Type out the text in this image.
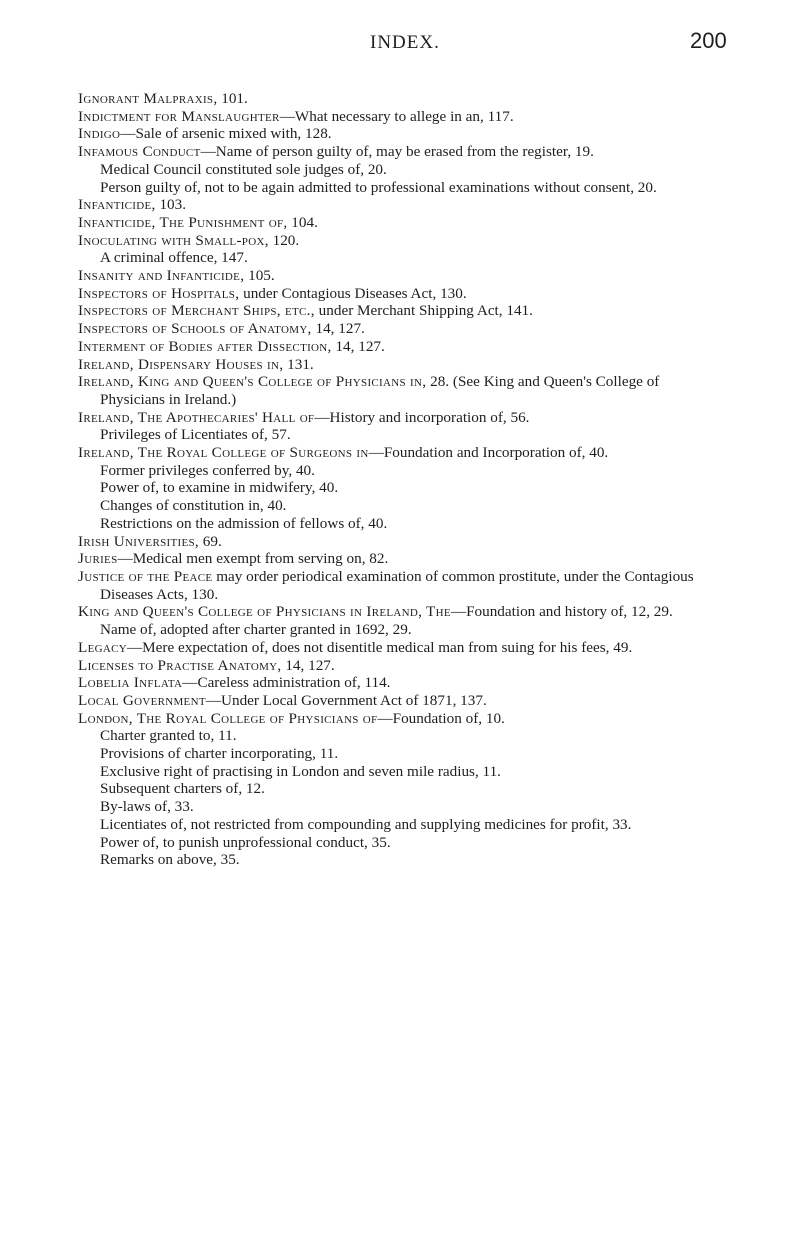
INDEX.	200

Ignorant Malpraxis, 101.

Indictment for Manslaughter—What necessary to allege in an, 117.

Indigo—Sale of arsenic mixed with, 128.

Infamous Conduct—Name of person guilty of, may be erased from the register, 19.

Medical Council constituted sole judges of, 20.

Person guilty of, not to be again admitted to professional examinations without consent, 20.

Infanticide, 103.

Infanticide, The Punishment of, 104.

Inoculating with Small-pox, 120.

A criminal offence, 147.

Insanity and Infanticide, 105.

Inspectors of Hospitals, under Contagious Diseases Act, 130.

Inspectors of Merchant Ships, etc., under Merchant Shipping Act, 141.

Inspectors of Schools of Anatomy, 14, 127.

Interment of Bodies after Dissection, 14, 127.

Ireland, Dispensary Houses in, 131.

Ireland, King and Queen's College of Physicians in, 28. (See King and Queen's College of Physicians in Ireland.)

Ireland, The Apothecaries' Hall of—History and incorporation of, 56.

Privileges of Licentiates of, 57.

Ireland, The Royal College of Surgeons in—Foundation and Incorporation of, 40.

Former privileges conferred by, 40.

Power of, to examine in midwifery, 40.

Changes of constitution in, 40.

Restrictions on the admission of fellows of, 40.

Irish Universities, 69.

Juries—Medical men exempt from serving on, 82.

Justice of the Peace may order periodical examination of common prostitute, under the Contagious Diseases Acts, 130.

King and Queen's College of Physicians in Ireland, The—Foundation and history of, 12, 29.

Name of, adopted after charter granted in 1692, 29.

Legacy—Mere expectation of, does not disentitle medical man from suing for his fees, 49.

Licenses to Practise Anatomy, 14, 127.

Lobelia Inflata—Careless administration of, 114.

Local Government—Under Local Government Act of 1871, 137.

London, The Royal College of Physicians of—Foundation of, 10.

Charter granted to, 11.

Provisions of charter incorporating, 11.

Exclusive right of practising in London and seven mile radius, 11.

Subsequent charters of, 12.

By-laws of, 33.

Licentiates of, not restricted from compounding and supplying medicines for profit, 33.

Power of, to punish unprofessional conduct, 35.

Remarks on above, 35.
